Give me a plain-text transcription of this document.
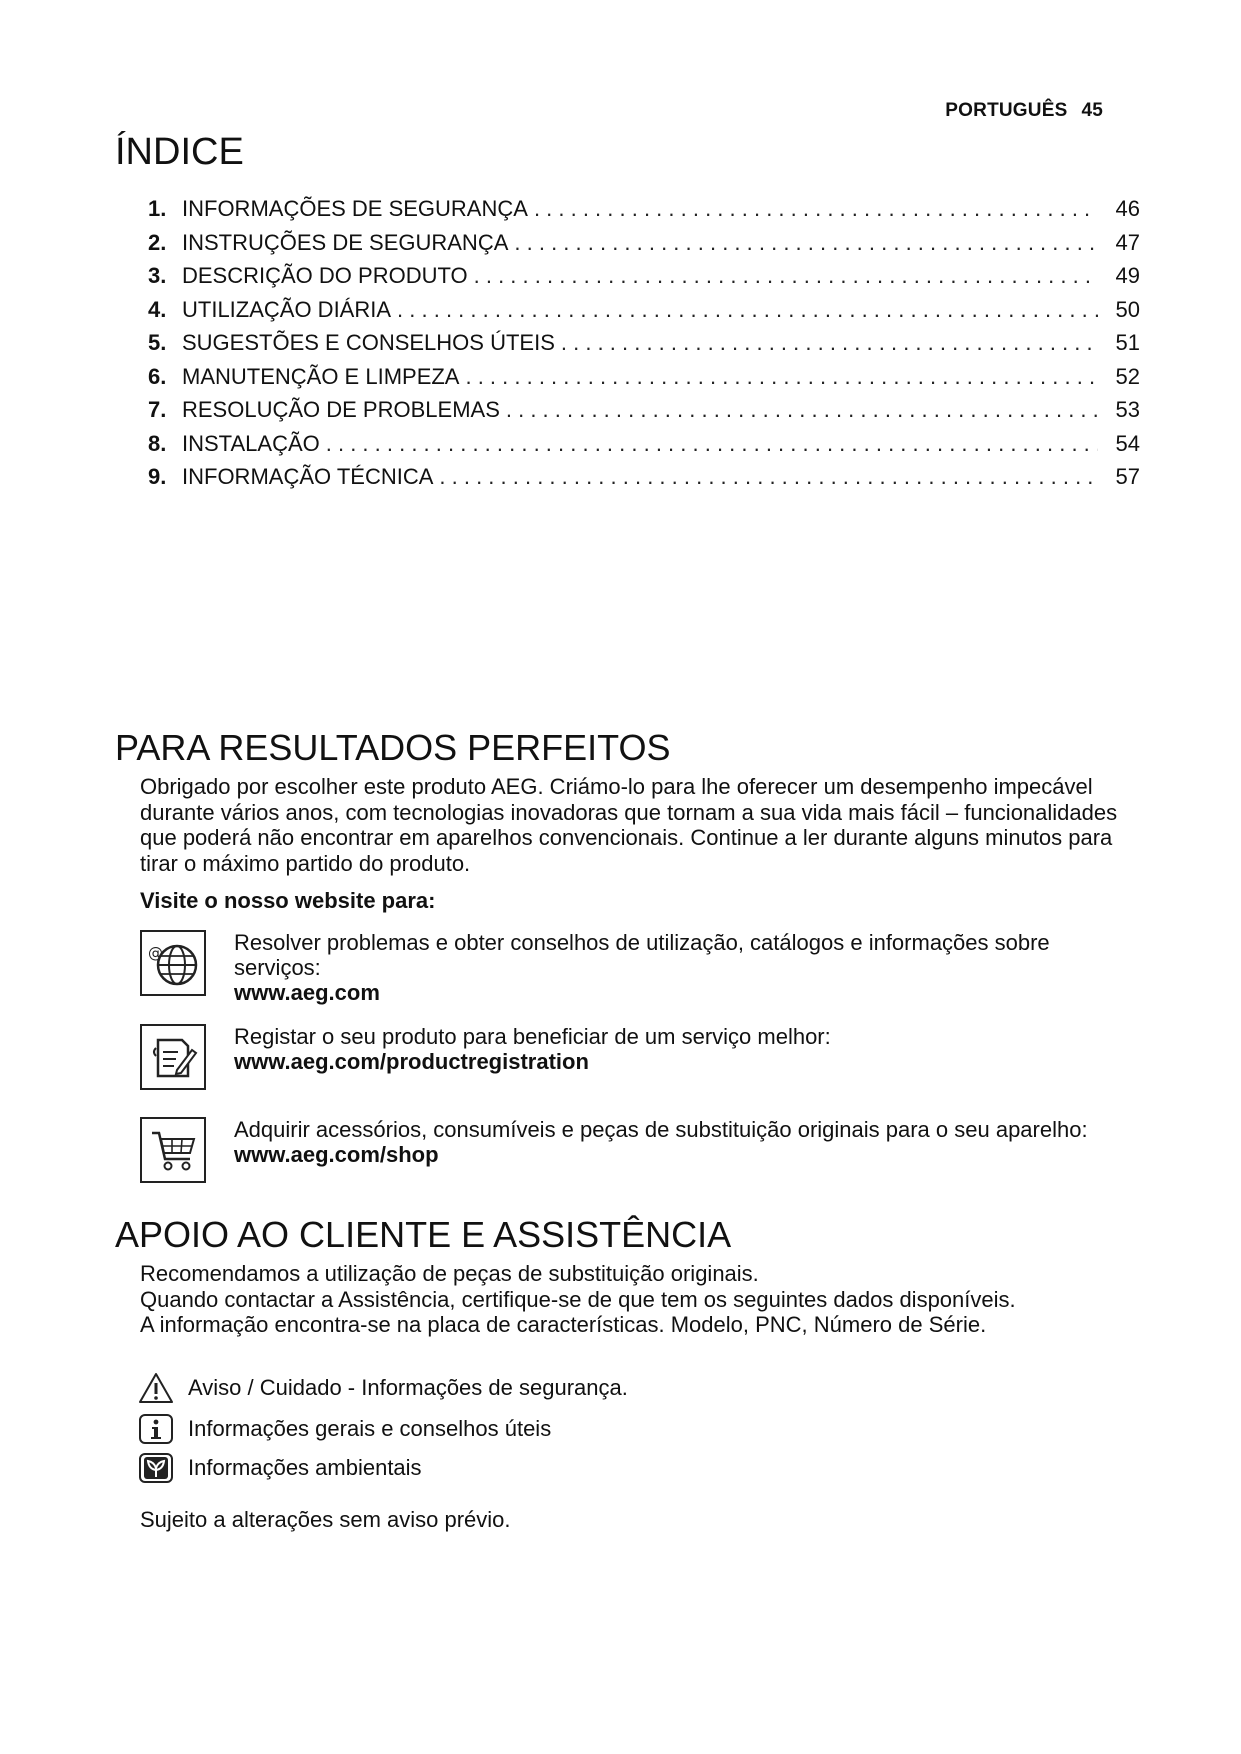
PORTUGUÊS 45
ÍNDICE
1. INFORMAÇÕES DE SEGURANÇA . . .	46
2. INSTRUÇÕES DE SEGURANÇA . . .	47
3. DESCRIÇÃO DO PRODUTO . . .	49
4. UTILIZAÇÃO DIÁRIA . . .	50
5. SUGESTÕES E CONSELHOS ÚTEIS . . .	51
6. MANUTENÇÃO E LIMPEZA . . .	52
7. RESOLUÇÃO DE PROBLEMAS . . .	53
8. INSTALAÇÃO . . .	54
9. INFORMAÇÃO TÉCNICA . . .	57
PARA RESULTADOS PERFEITOS

Obrigado por escolher este produto AEG. Criámo-lo para lhe oferecer um desempenho impecável durante vários anos, com tecnologias inovadoras que tornam a sua vida mais fácil – funcionalidades que poderá não encontrar em aparelhos convencionais. Continue a ler durante alguns minutos para tirar o máximo partido do produto.

Visite o nosso website para:

@	Resolver problemas e obter conselhos de utilização, catálogos e informações sobre serviços:
www.aeg.com
Registar o seu produto para beneficiar de um serviço melhor:
www.aeg.com/productregistration
Adquirir acessórios, consumíveis e peças de substituição originais para o seu aparelho:
www.aeg.com/shop
APOIO AO CLIENTE E ASSISTÊNCIA

Recomendamos a utilização de peças de substituição originais.
Quando contactar a Assistência, certifique-se de que tem os seguintes dados disponíveis.
A informação encontra-se na placa de características. Modelo, PNC, Número de Série.

Aviso / Cuidado - Informações de segurança.
Informações gerais e conselhos úteis
Informações ambientais

Sujeito a alterações sem aviso prévio.
